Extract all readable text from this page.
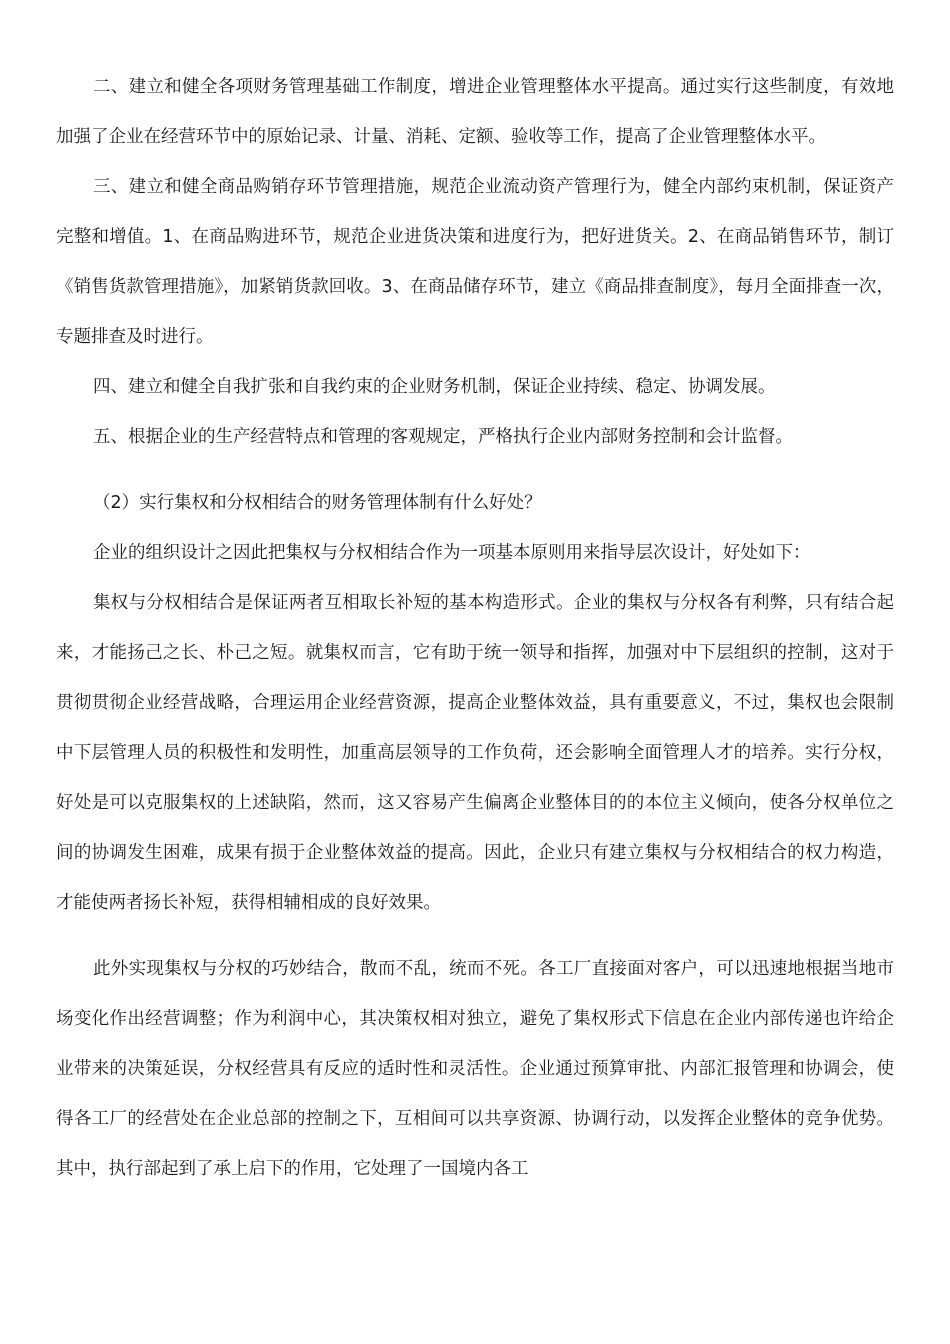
二、建立和健全各项财务管理基础工作制度，增进企业管理整体水平提高。通过实行这些制度，有效地加强了企业在经营环节中的原始记录、计量、消耗、定额、验收等工作，提高了企业管理整体水平。

三、建立和健全商品购销存环节管理措施，规范企业流动资产管理行为，健全内部约束机制，保证资产完整和增值。1、在商品购进环节，规范企业进货决策和进度行为，把好进货关。2、在商品销售环节，制订《销售货款管理措施》，加紧销货款回收。3、在商品储存环节，建立《商品排查制度》，每月全面排查一次，专题排查及时进行。

四、建立和健全自我扩张和自我约束的企业财务机制，保证企业持续、稳定、协调发展。

五、根据企业的生产经营特点和管理的客观规定，严格执行企业内部财务控制和会计监督。

（2）实行集权和分权相结合的财务管理体制有什么好处？

企业的组织设计之因此把集权与分权相结合作为一项基本原则用来指导层次设计，好处如下：

集权与分权相结合是保证两者互相取长补短的基本构造形式。企业的集权与分权各有利弊，只有结合起来，才能扬己之长、朴己之短。就集权而言，它有助于统一领导和指挥，加强对中下层组织的控制，这对于贯彻贯彻企业经营战略，合理运用企业经营资源，提高企业整体效益，具有重要意义，不过，集权也会限制中下层管理人员的积极性和发明性，加重高层领导的工作负荷，还会影响全面管理人才的培养。实行分权，好处是可以克服集权的上述缺陷，然而，这又容易产生偏离企业整体目的的本位主义倾向，使各分权单位之间的协调发生困难，成果有损于企业整体效益的提高。因此，企业只有建立集权与分权相结合的权力构造，才能使两者扬长补短，获得相辅相成的良好效果。

此外实现集权与分权的巧妙结合，散而不乱，统而不死。各工厂直接面对客户，可以迅速地根据当地市场变化作出经营调整；作为利润中心，其决策权相对独立，避免了集权形式下信息在企业内部传递也许给企业带来的决策延误，分权经营具有反应的适时性和灵活性。企业通过预算审批、内部汇报管理和协调会，使得各工厂的经营处在企业总部的控制之下，互相间可以共享资源、协调行动，以发挥企业整体的竞争优势。其中，执行部起到了承上启下的作用，它处理了一国境内各工
